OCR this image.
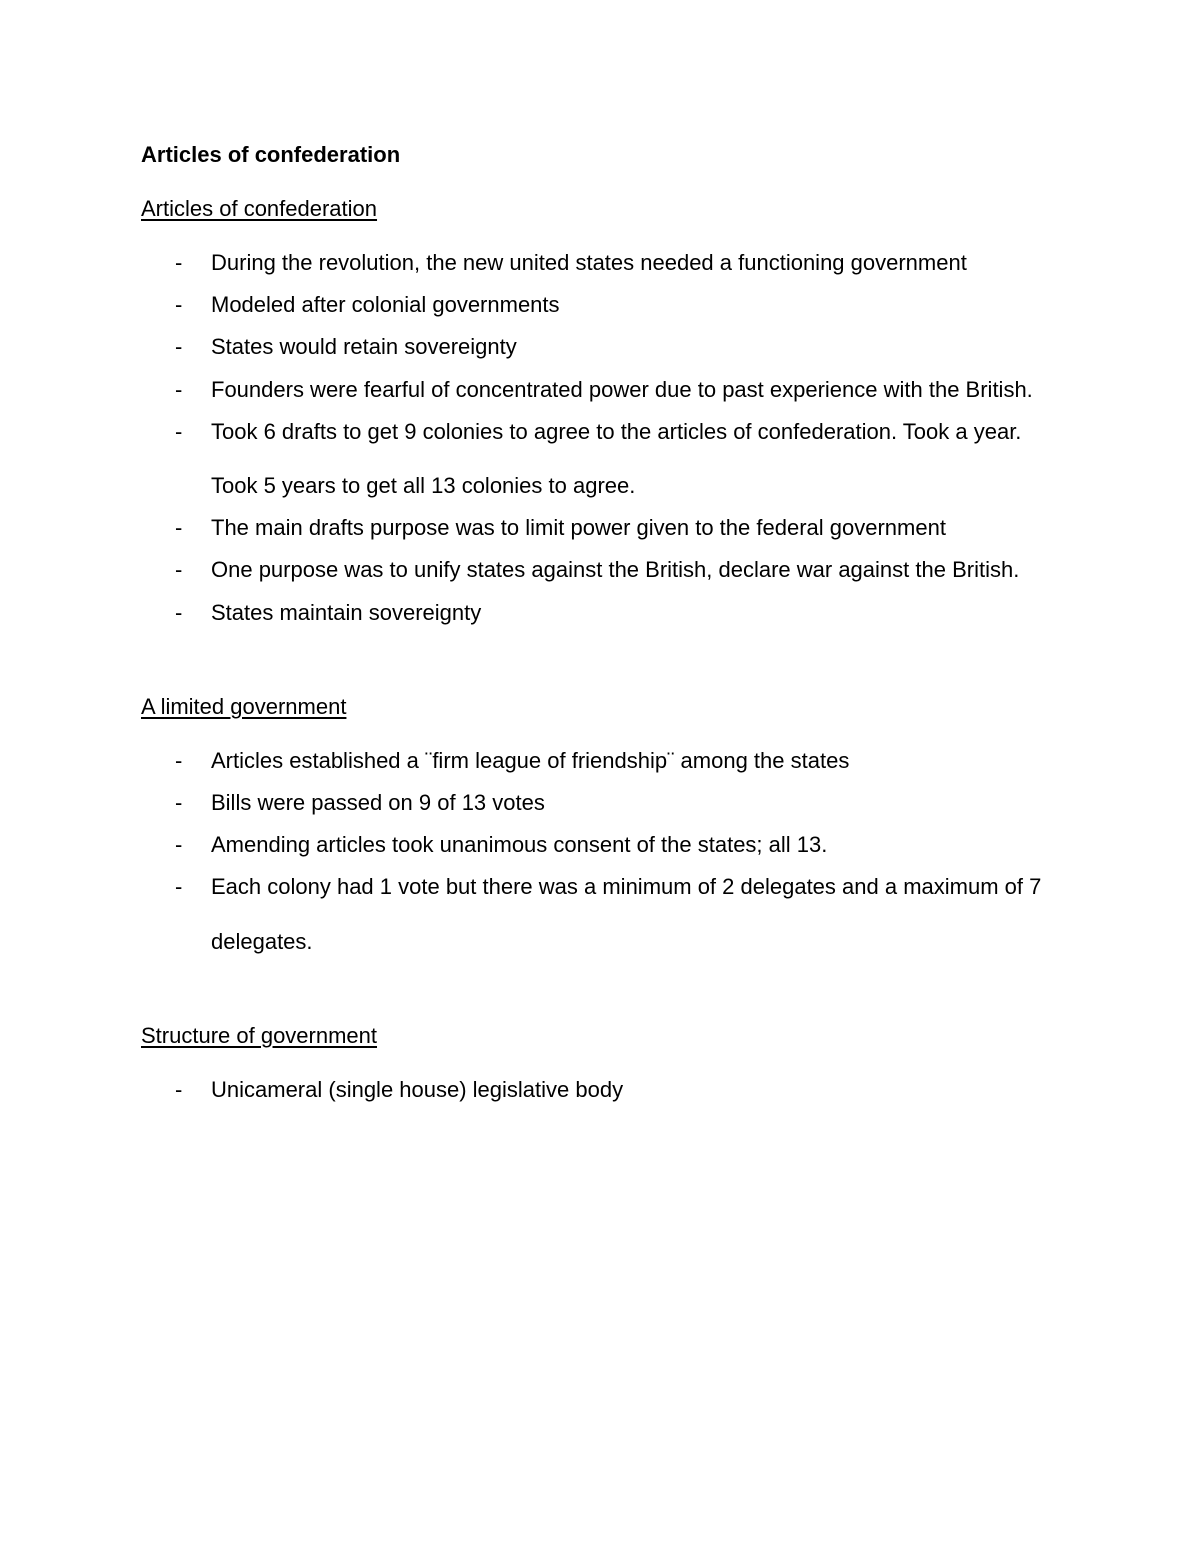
Articles of confederation
Articles of confederation
- During the revolution, the new united states needed a functioning government
- Modeled after colonial governments
- States would retain sovereignty
- Founders were fearful of concentrated power due to past experience with the British.
- Took 6 drafts to get 9 colonies to agree to the articles of confederation. Took a year. Took 5 years to get all 13 colonies to agree.
- The main drafts purpose was to limit power given to the federal government
- One purpose was to unify states against the British, declare war against the British.
- States maintain sovereignty
A limited government
- Articles established a ¨firm league of friendship¨ among the states
- Bills were passed on 9 of 13 votes
- Amending articles took unanimous consent of the states; all 13.
- Each colony had 1 vote but there was a minimum of 2 delegates and a maximum of 7 delegates.
Structure of government
- Unicameral (single house) legislative body
